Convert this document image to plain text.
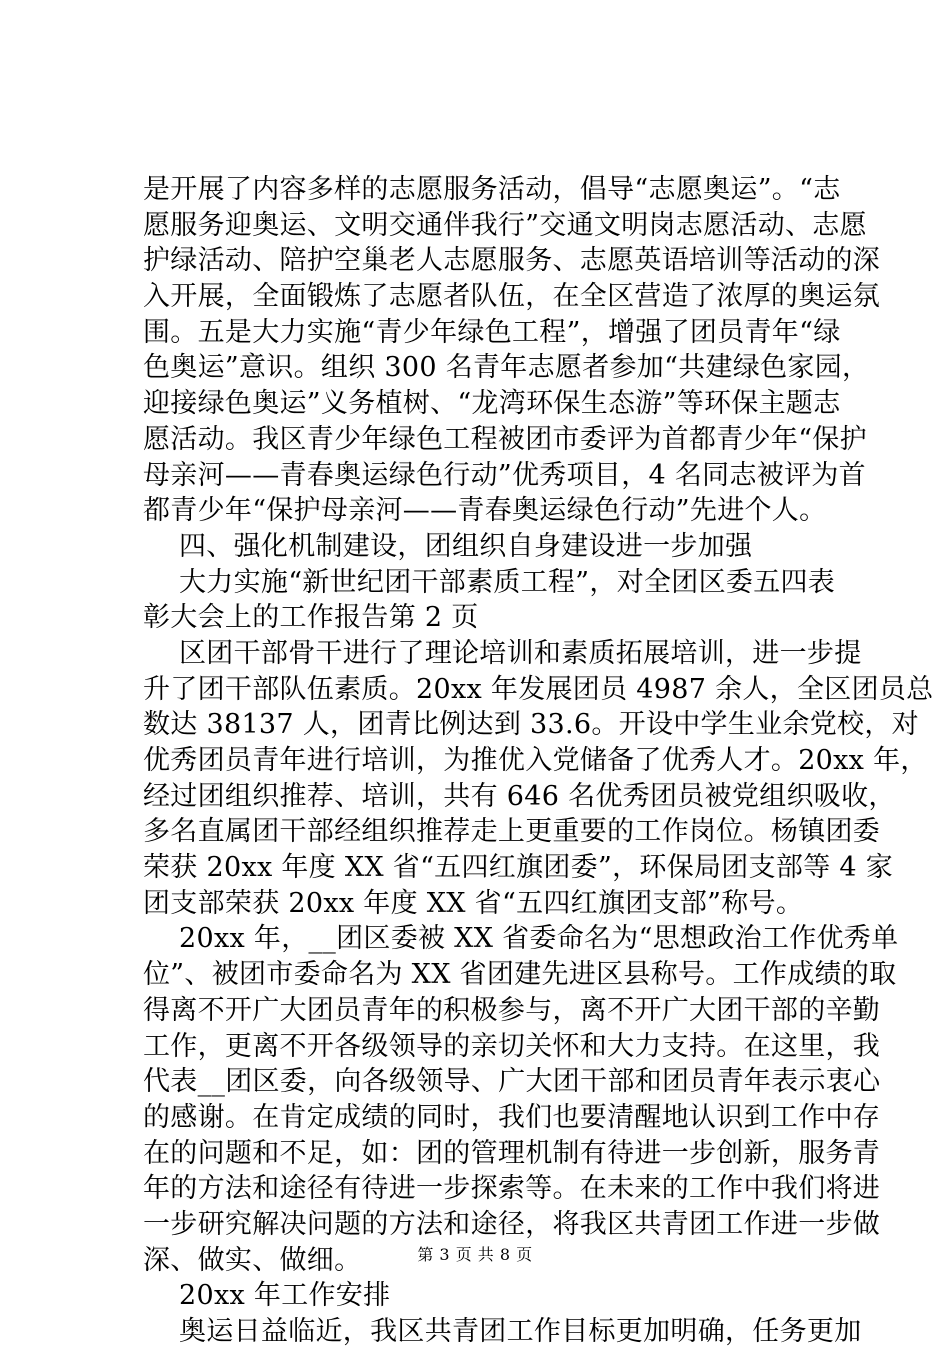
是开展了内容多样的志愿服务活动，倡导“志愿奥运”。“志
愿服务迎奥运、文明交通伴我行”交通文明岗志愿活动、志愿
护绿活动、陪护空巢老人志愿服务、志愿英语培训等活动的深
入开展，全面锻炼了志愿者队伍，在全区营造了浓厚的奥运氛
围。五是大力实施“青少年绿色工程”，增强了团员青年“绿
色奥运”意识。组织 300 名青年志愿者参加“共建绿色家园，
迎接绿色奥运”义务植树、“龙湾环保生态游”等环保主题志
愿活动。我区青少年绿色工程被团市委评为首都青少年“保护
母亲河——青春奥运绿色行动”优秀项目，4 名同志被评为首
都青少年“保护母亲河——青春奥运绿色行动”先进个人。
四、强化机制建设，团组织自身建设进一步加强
大力实施“新世纪团干部素质工程”，对全团区委五四表
彰大会上的工作报告第 2 页
区团干部骨干进行了理论培训和素质拓展培训，进一步提
升了团干部队伍素质。20xx 年发展团员 4987 余人，全区团员总
数达 38137 人，团青比例达到 33.6。开设中学生业余党校，对
优秀团员青年进行培训，为推优入党储备了优秀人才。20xx 年，
经过团组织推荐、培训，共有 646 名优秀团员被党组织吸收，
多名直属团干部经组织推荐走上更重要的工作岗位。杨镇团委
荣获 20xx 年度 XX 省“五四红旗团委”，环保局团支部等 4 家
团支部荣获 20xx 年度 XX 省“五四红旗团支部”称号。
20xx 年，__团区委被 XX 省委命名为“思想政治工作优秀单
位”、被团市委命名为 XX 省团建先进区县称号。工作成绩的取
得离不开广大团员青年的积极参与，离不开广大团干部的辛勤
工作，更离不开各级领导的亲切关怀和大力支持。在这里，我
代表__团区委，向各级领导、广大团干部和团员青年表示衷心
的感谢。在肯定成绩的同时，我们也要清醒地认识到工作中存
在的问题和不足，如：团的管理机制有待进一步创新，服务青
年的方法和途径有待进一步探索等。在未来的工作中我们将进
一步研究解决问题的方法和途径，将我区共青团工作进一步做
深、做实、做细。
20xx 年工作安排
奥运日益临近，我区共青团工作目标更加明确，任务更加
第 3 页 共 8 页
